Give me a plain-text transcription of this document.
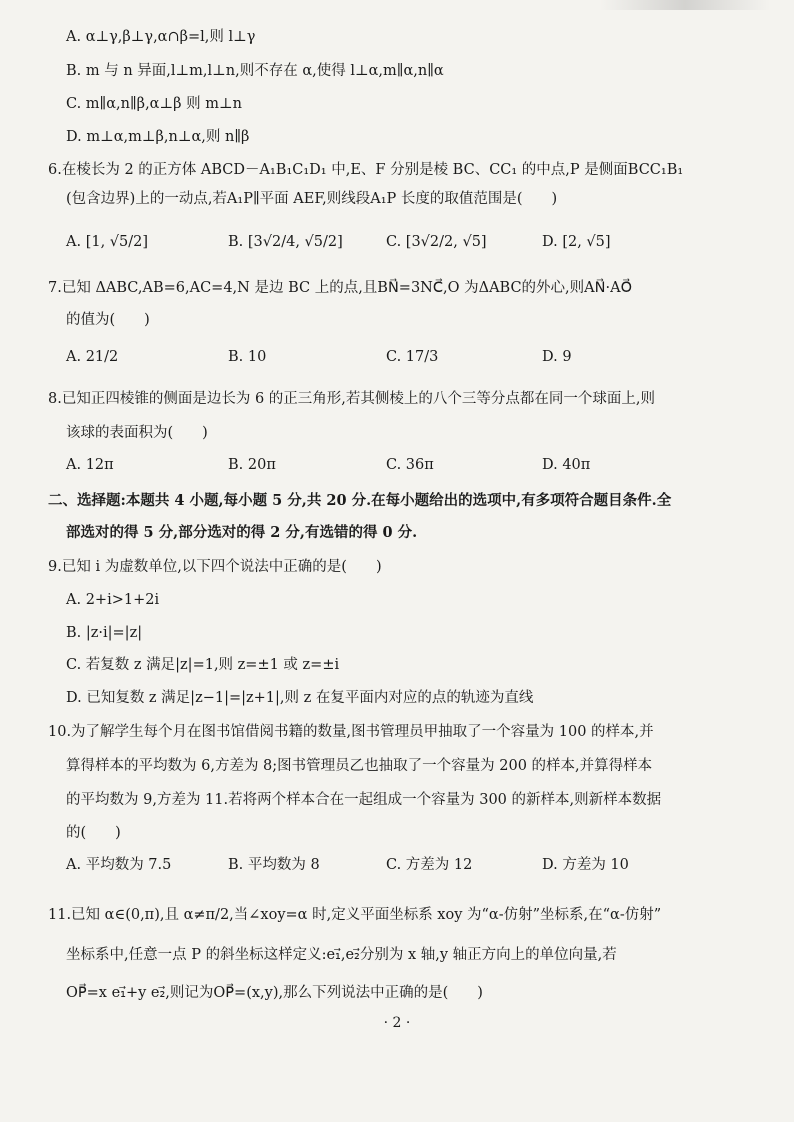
A. α⊥γ,β⊥γ,α∩β=l,则 l⊥γ
B. m 与 n 异面,l⊥m,l⊥n,则不存在 α,使得 l⊥α,m∥α,n∥α
C. m∥α,n∥β,α⊥β 则 m⊥n
D. m⊥α,m⊥β,n⊥α,则 n∥β
6.在棱长为 2 的正方体 ABCD－A₁B₁C₁D₁ 中,E、F 分别是棱 BC、CC₁ 的中点,P 是侧面BCC₁B₁
(包含边界)上的一动点,若A₁P∥平面 AEF,则线段A₁P 长度的取值范围是(　　)
A. [1, √5/2]	B. [3√2/4, √5/2]	C. [3√2/2, √5]	D. [2, √5]
7.已知 ΔABC,AB=6,AC=4,N 是边 BC 上的点,且BN⃗=3NC⃗,O 为ΔABC的外心,则AN⃗·AO⃗
的值为(　　)
A. 21/2	B. 10	C. 17/3	D. 9
8.已知正四棱锥的侧面是边长为 6 的正三角形,若其侧棱上的八个三等分点都在同一个球面上,则
该球的表面积为(　　)
A. 12π	B. 20π	C. 36π	D. 40π
二、选择题:本题共 4 小题,每小题 5 分,共 20 分.在每小题给出的选项中,有多项符合题目条件.全
部选对的得 5 分,部分选对的得 2 分,有选错的得 0 分.
9.已知 i 为虚数单位,以下四个说法中正确的是(　　)
A. 2+i>1+2i
B. |z·i|=|z|
C. 若复数 z 满足|z|=1,则 z=±1 或 z=±i
D. 已知复数 z 满足|z−1|=|z+1|,则 z 在复平面内对应的点的轨迹为直线
10.为了解学生每个月在图书馆借阅书籍的数量,图书管理员甲抽取了一个容量为 100 的样本,并
算得样本的平均数为 6,方差为 8;图书管理员乙也抽取了一个容量为 200 的样本,并算得样本
的平均数为 9,方差为 11.若将两个样本合在一起组成一个容量为 300 的新样本,则新样本数据
的(　　)
A. 平均数为 7.5	B. 平均数为 8	C. 方差为 12	D. 方差为 10
11.已知 α∈(0,π),且 α≠π/2,当∠xoy=α 时,定义平面坐标系 xoy 为“α-仿射”坐标系,在“α-仿射”
坐标系中,任意一点 P 的斜坐标这样定义:e₁⃗,e₂⃗分别为 x 轴,y 轴正方向上的单位向量,若
OP⃗=x e₁⃗+y e₂⃗,则记为OP⃗=(x,y),那么下列说法中正确的是(　　)
· 2 ·
